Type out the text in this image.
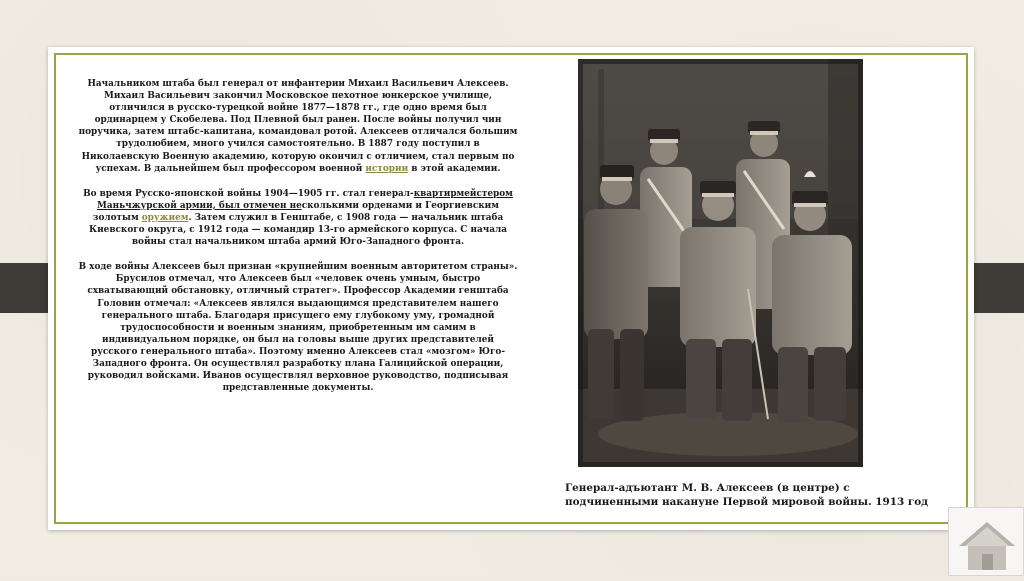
Начальником штаба был генерал от инфантерии Михаил Васильевич Алексеев. Михаил Васильевич закончил Московское пехотное юнкерское училище, отличился в русско-турецкой войне 1877—1878 гг., где одно время был ординарцем у Скобелева. Под Плевной был ранен. После войны получил чин поручика, затем штабс-капитана, командовал ротой. Алексеев отличался большим трудолюбием, много учился самостоятельно. В 1887 году поступил в Николаевскую Военную академию, которую окончил с отличием, стал первым по успехам. В дальнейшем был профессором военной истории в этой академии.

Во время Русско-японской войны 1904—1905 гг. стал генерал-квартирмейстером Маньчжурской армии, был отмечен несколькими орденами и Георгиевским золотым оружием. Затем служил в Генштабе, с 1908 года — начальник штаба Киевского округа, с 1912 года — командир 13-го армейского корпуса. С начала войны стал начальником штаба армий Юго-Западного фронта.

В ходе войны Алексеев был признан «крупнейшим военным авторитетом страны». Брусилов отмечал, что Алексеев был «человек очень умным, быстро схватывающий обстановку, отличный стратег». Профессор Академии генштаба Головин отмечал: «Алексеев являлся выдающимся представителем нашего генерального штаба. Благодаря присущего ему глубокому уму, громадной трудоспособности и военным знаниям, приобретенным им самим в индивидуальном порядке, он был на головы выше других представителей русского генерального штаба». Поэтому именно Алексеев стал «мозгом» Юго-Западного фронта. Он осуществлял разработку плана Галицийской операции, руководил войсками. Иванов осуществлял верховное руководство, подписывая представленные документы.

Генерал-адъютант М. В. Алексеев (в центре) с подчиненными накануне Первой мировой войны. 1913 год
